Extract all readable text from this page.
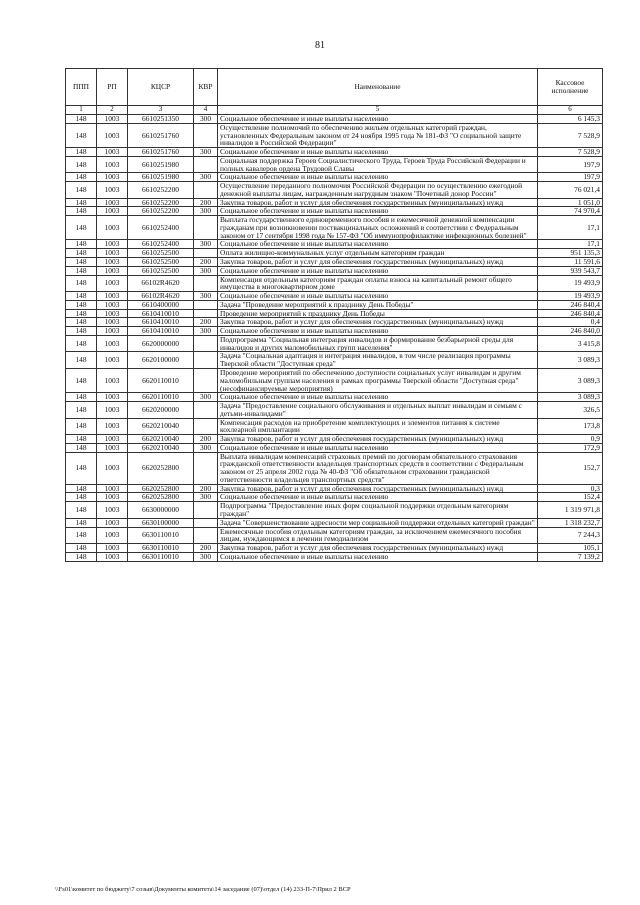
81
ППП	РП	КЦСР	КВР	Наименование	Кассовое исполнение
1	2	3	4	5	6
148	1003	6610251350	300	Социальное обеспечение и иные выплаты населению	6 145,3
148	1003	6610251760		Осуществление полномочий по обеспечению жильем отдельных категорий граждан, установленных Федеральным законом от 24 ноября 1995 года № 181-ФЗ "О социальной защите инвалидов в Российской Федерации"	7 528,9
148	1003	6610251760	300	Социальное обеспечение и иные выплаты населению	7 528,9
148	1003	6610251980		Социальная поддержка Героев Социалистического Труда, Героев Труда Российской Федерации и полных кавалеров ордена Трудовой Славы	197,9
148	1003	6610251980	300	Социальное обеспечение и иные выплаты населению	197,9
148	1003	6610252200		Осуществление переданного полномочия Российской Федерации по осуществлению ежегодной денежной выплаты лицам, награжденным нагрудным знаком "Почетный донор России"	76 021,4
148	1003	6610252200	200	Закупка товаров, работ и услуг для обеспечения государственных (муниципальных) нужд	1 051,0
148	1003	6610252200	300	Социальное обеспечение и иные выплаты населению	74 970,4
148	1003	6610252400		Выплата государственного единовременного пособия и ежемесячной денежной компенсации гражданам при возникновении поствакцинальных осложнений в соответствии с Федеральным законом от 17 сентября 1998 года № 157-ФЗ "Об иммунопрофилактике инфекционных болезней"	17,1
148	1003	6610252400	300	Социальное обеспечение и иные выплаты населению	17,1
148	1003	6610252500		Оплата жилищно-коммунальных услуг отдельным категориям граждан	951 135,3
148	1003	6610252500	200	Закупка товаров, работ и услуг для обеспечения государственных (муниципальных) нужд	11 591,6
148	1003	6610252500	300	Социальное обеспечение и иные выплаты населению	939 543,7
148	1003	66102R4620		Компенсация отдельным категориям граждан оплаты взноса на капитальный ремонт общего имущества в многоквартирном доме	19 493,9
148	1003	66102R4620	300	Социальное обеспечение и иные выплаты населению	19 493,9
148	1003	6610400000		Задача "Проведение мероприятий к празднику День Победы"	246 840,4
148	1003	6610410010		Проведение мероприятий к празднику День Победы	246 840,4
148	1003	6610410010	200	Закупка товаров, работ и услуг для обеспечения государственных (муниципальных) нужд	0,4
148	1003	6610410010	300	Социальное обеспечение и иные выплаты населению	246 840,0
148	1003	6620000000		Подпрограмма "Социальная интеграция инвалидов и формирование безбарьерной среды для инвалидов и других маломобильных групп населения"	3 415,8
148	1003	6620100000		Задача "Социальная адаптация и интеграция инвалидов, в том числе реализация программы Тверской области "Доступная среда"	3 089,3
148	1003	6620110010		Проведение мероприятий по обеспечению доступности социальных услуг инвалидам и другим маломобильным группам населения в рамках программы Тверской области "Доступная среда" (несофинансируемые мероприятия)	3 089,3
148	1003	6620110010	300	Социальное обеспечение и иные выплаты населению	3 089,3
148	1003	6620200000		Задача "Предоставление социального обслуживания и отдельных выплат инвалидам и семьям с детьми-инвалидами"	326,5
148	1003	6620210040		Компенсация расходов на приобретение комплектующих и элементов питания к системе кохлеарной имплантации	173,8
148	1003	6620210040	200	Закупка товаров, работ и услуг для обеспечения государственных (муниципальных) нужд	0,9
148	1003	6620210040	300	Социальное обеспечение и иные выплаты населению	172,9
148	1003	6620252800		Выплата инвалидам компенсаций страховых премий по договорам обязательного страхования гражданской ответственности владельцев транспортных средств в соответствии с Федеральным законом от 25 апреля 2002 года № 40-ФЗ "Об обязательном страховании гражданской ответственности владельцев транспортных средств"	152,7
148	1003	6620252800	200	Закупка товаров, работ и услуг для обеспечения государственных (муниципальных) нужд	0,3
148	1003	6620252800	300	Социальное обеспечение и иные выплаты населению	152,4
148	1003	6630000000		Подпрограмма "Предоставление иных форм социальной поддержки отдельным категориям граждан"	1 319 971,8
148	1003	6630100000		Задача "Совершенствование адресности мер социальной поддержки отдельных категорий граждан"	1 318 232,7
148	1003	6630110010		Ежемесячные пособия отдельным категориям граждан, за исключением ежемесячного пособия лицам, нуждающимся в лечении гемодиализом	7 244,3
148	1003	6630110010	200	Закупка товаров, работ и услуг для обеспечения государственных (муниципальных) нужд	105,1
148	1003	6630110010	300	Социальное обеспечение и иные выплаты населению	7 139,2
\\Fs01\комитет по бюджету\7 созыв\Документы комитета\14 заседание (07)\отдел (14) 233-П-7\Прил 2 ВСР
